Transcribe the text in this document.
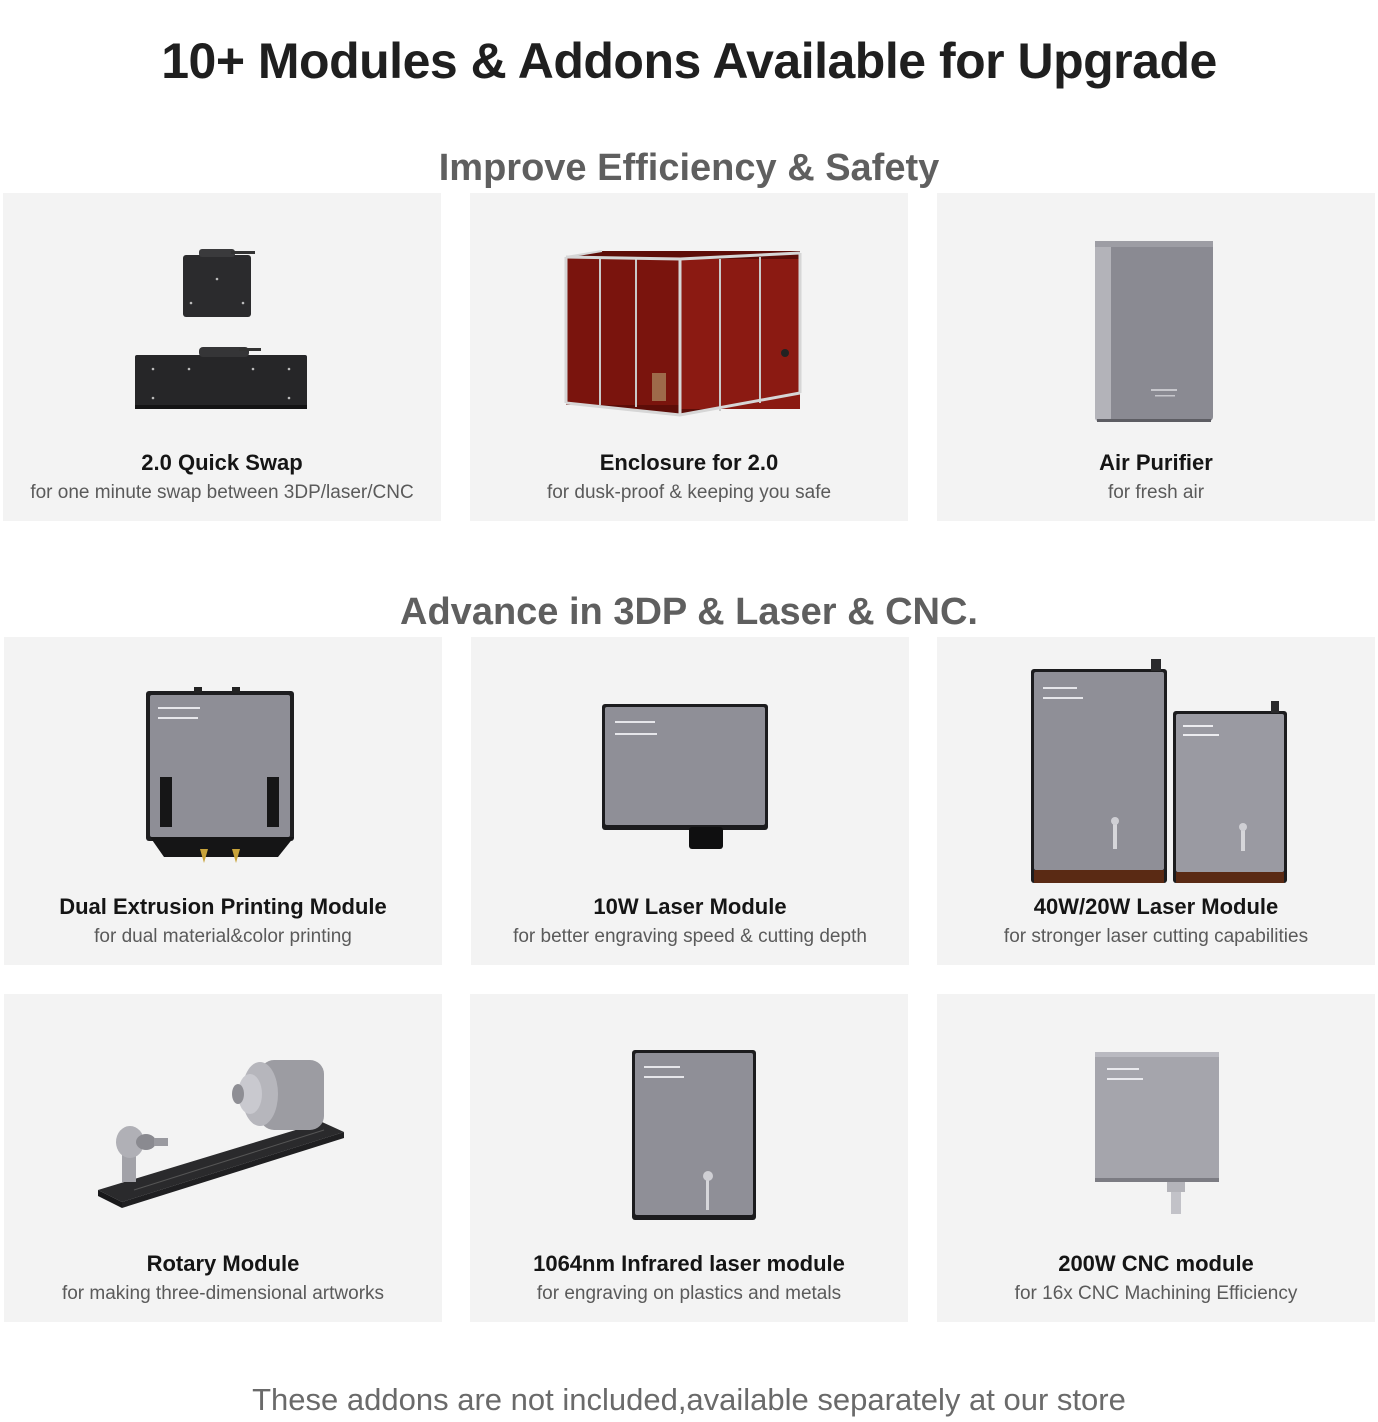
10+ Modules & Addons Available for Upgrade
Improve Efficiency & Safety
2.0 Quick Swap
for one minute swap between 3DP/laser/CNC
Enclosure for 2.0
for dusk-proof & keeping you safe
Air Purifier
for fresh air
Advance in 3DP & Laser & CNC.
Dual Extrusion Printing Module
for dual material&color printing
10W Laser Module
for better engraving speed & cutting depth
40W/20W Laser Module
for stronger laser cutting capabilities
Rotary Module
for making three-dimensional artworks
1064nm Infrared laser module
for engraving on plastics and metals
200W CNC module
for 16x CNC Machining Efficiency
These addons are not included,available separately at our store
